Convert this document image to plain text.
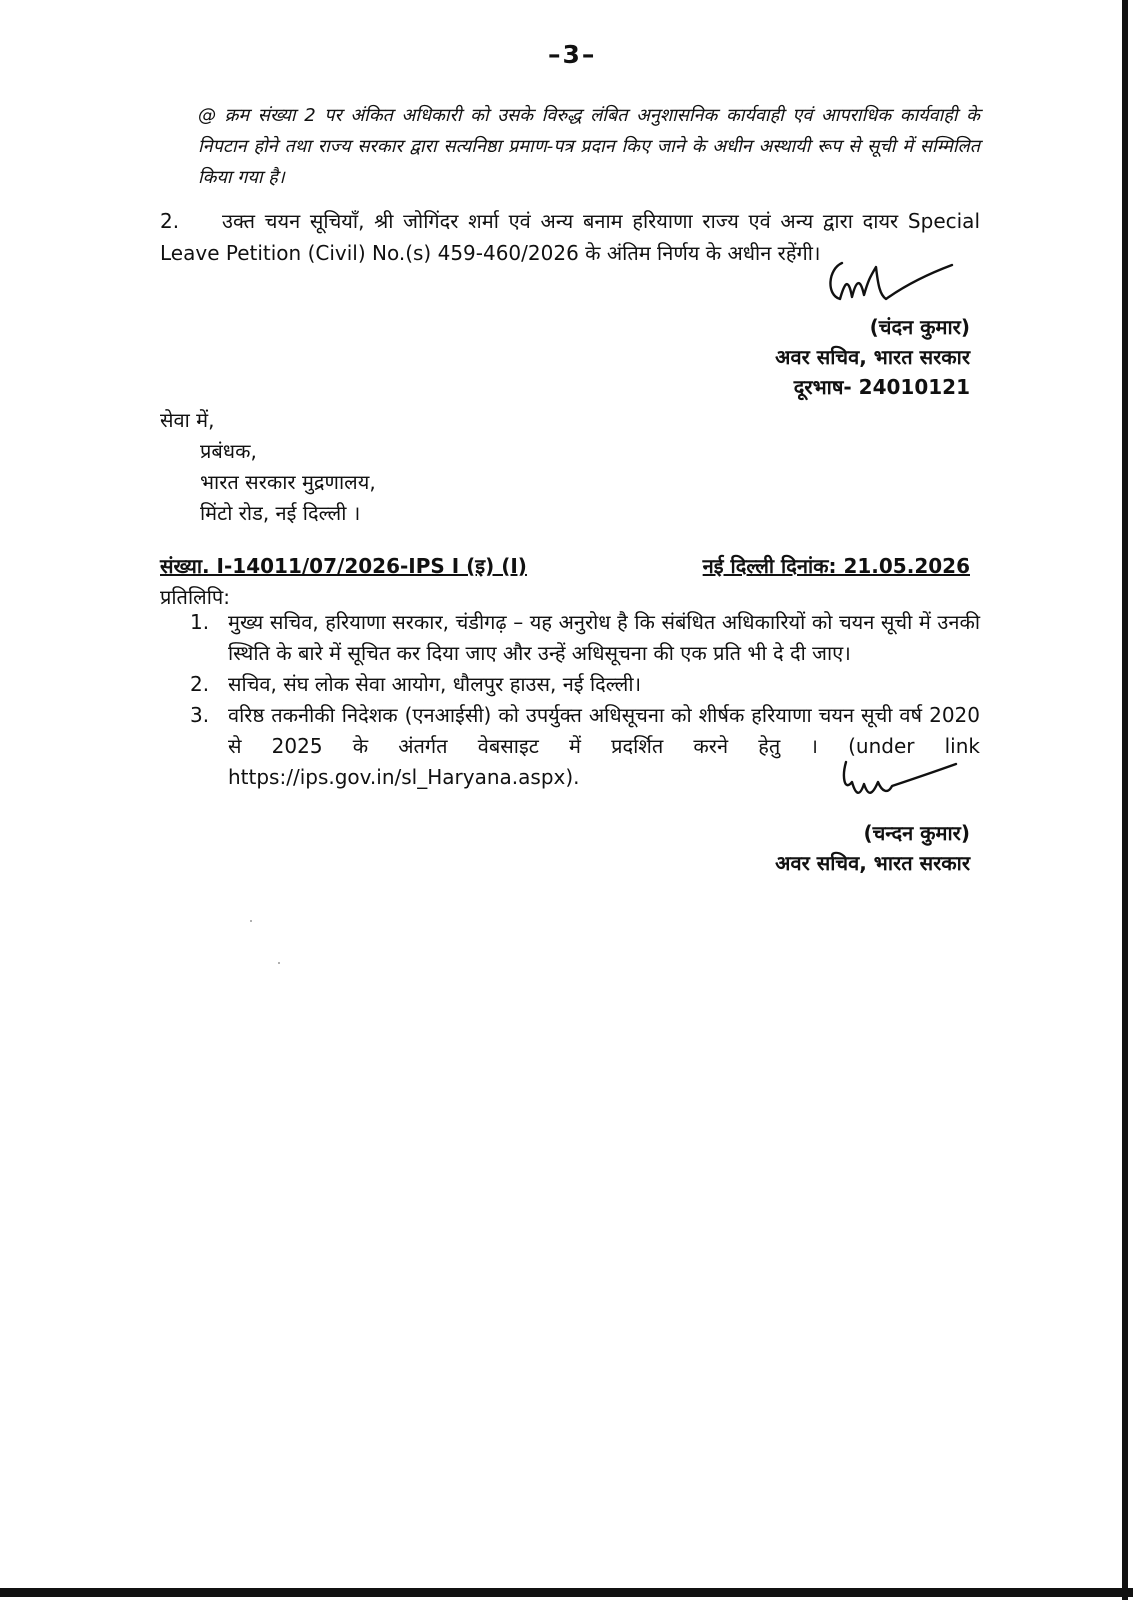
–3–
@ क्रम संख्या 2 पर अंकित अधिकारी को उसके विरुद्ध लंबित अनुशासनिक कार्यवाही एवं आपराधिक कार्यवाही के निपटान होने तथा राज्य सरकार द्वारा सत्यनिष्ठा प्रमाण-पत्र प्रदान किए जाने के अधीन अस्थायी रूप से सूची में सम्मिलित किया गया है।
2. उक्त चयन सूचियाँ, श्री जोगिंदर शर्मा एवं अन्य बनाम हरियाणा राज्य एवं अन्य द्वारा दायर Special Leave Petition (Civil) No.(s) 459-460/2026 के अंतिम निर्णय के अधीन रहेंगी।
(चंदन कुमार)
अवर सचिव, भारत सरकार
दूरभाष- 24010121
सेवा में,
प्रबंधक,
भारत सरकार मुद्रणालय,
मिंटो रोड, नई दिल्ली ।
संख्या. I-14011/07/2026-IPS I (इ) (I)	नई दिल्ली दिनांक: 21.05.2026
प्रतिलिपि:
1. मुख्य सचिव, हरियाणा सरकार, चंडीगढ़ – यह अनुरोध है कि संबंधित अधिकारियों को चयन सूची में उनकी स्थिति के बारे में सूचित कर दिया जाए और उन्हें अधिसूचना की एक प्रति भी दे दी जाए।
2. सचिव, संघ लोक सेवा आयोग, धौलपुर हाउस, नई दिल्ली।
3. वरिष्ठ तकनीकी निदेशक (एनआईसी) को उपर्युक्त अधिसूचना को शीर्षक हरियाणा चयन सूची वर्ष 2020 से 2025 के अंतर्गत वेबसाइट में प्रदर्शित करने हेतु । (under link https://ips.gov.in/sl_Haryana.aspx).
(चन्दन कुमार)
अवर सचिव, भारत सरकार
